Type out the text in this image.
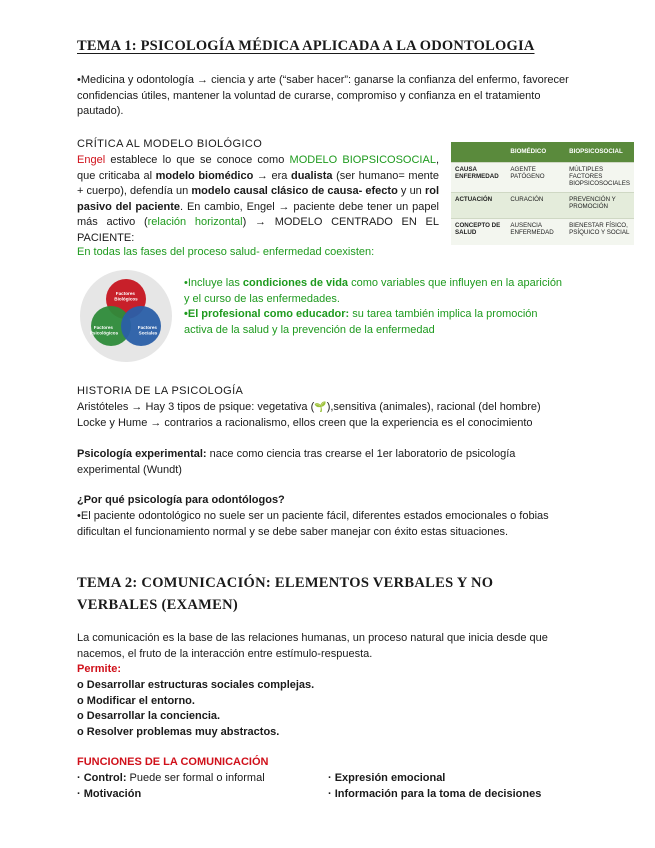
TEMA 1: PSICOLOGÍA MÉDICA APLICADA A LA ODONTOLOGIA
•Medicina y odontología → ciencia y arte (“saber hacer”: ganarse la confianza del enfermo, favorecer confidencias útiles, mantener la voluntad de curarse, compromiso y confianza en el tratamiento pautado).
CRÍTICA AL MODELO BIOLÓGICO
Engel establece lo que se conoce como MODELO BIOPSICOSOCIAL, que criticaba al modelo biomédico → era dualista (ser humano= mente + cuerpo), defendía un modelo causal clásico de causa- efecto y un rol pasivo del paciente. En cambio, Engel → paciente debe tener un papel más activo (relación horizontal) → MODELO CENTRADO EN EL PACIENTE:
En todas las fases del proceso salud- enfermedad coexisten:
	BIOMÉDICO	BIOPSICOSOCIAL
CAUSA ENFERMEDAD	AGENTE PATÓGENO	MÚLTIPLES FACTORES BIOPSICOSOCIALES
ACTUACIÓN	CURACIÓN	PREVENCIÓN Y PROMOCIÓN
CONCEPTO DE SALUD	AUSENCIA ENFERMEDAD	BIENESTAR FÍSICO, PSÍQUICO Y SOCIAL
Factores Biológicos
Factores Psicológicos
Factores Sociales
•Incluye las condiciones de vida como variables que influyen en la aparición y el curso de las enfermedades.
•El profesional como educador: su tarea también implica la promoción activa de la salud y la prevención de la enfermedad
HISTORIA DE LA PSICOLOGÍA
Aristóteles → Hay 3 tipos de psique: vegetativa (🌱),sensitiva (animales), racional (del hombre)
Locke y Hume → contrarios a racionalismo, ellos creen que la experiencia es el conocimiento
Psicología experimental: nace como ciencia tras crearse el 1er laboratorio de psicología experimental (Wundt)
¿Por qué psicología para odontólogos?
•El paciente odontológico no suele ser un paciente fácil, diferentes estados emocionales o fobias dificultan el funcionamiento normal y se debe saber manejar con éxito estas situaciones.
TEMA 2: COMUNICACIÓN: ELEMENTOS VERBALES Y NO VERBALES (EXAMEN)
La comunicación es la base de las relaciones humanas, un proceso natural que inicia desde que nacemos, el fruto de la interacción entre estímulo-respuesta.
Permite:
o Desarrollar estructuras sociales complejas.
o Modificar el entorno.
o Desarrollar la conciencia.
o Resolver problemas muy abstractos.
FUNCIONES DE LA COMUNICACIÓN
· Control: Puede ser formal o informal
· Motivación
· Expresión emocional
· Información para la toma de decisiones
